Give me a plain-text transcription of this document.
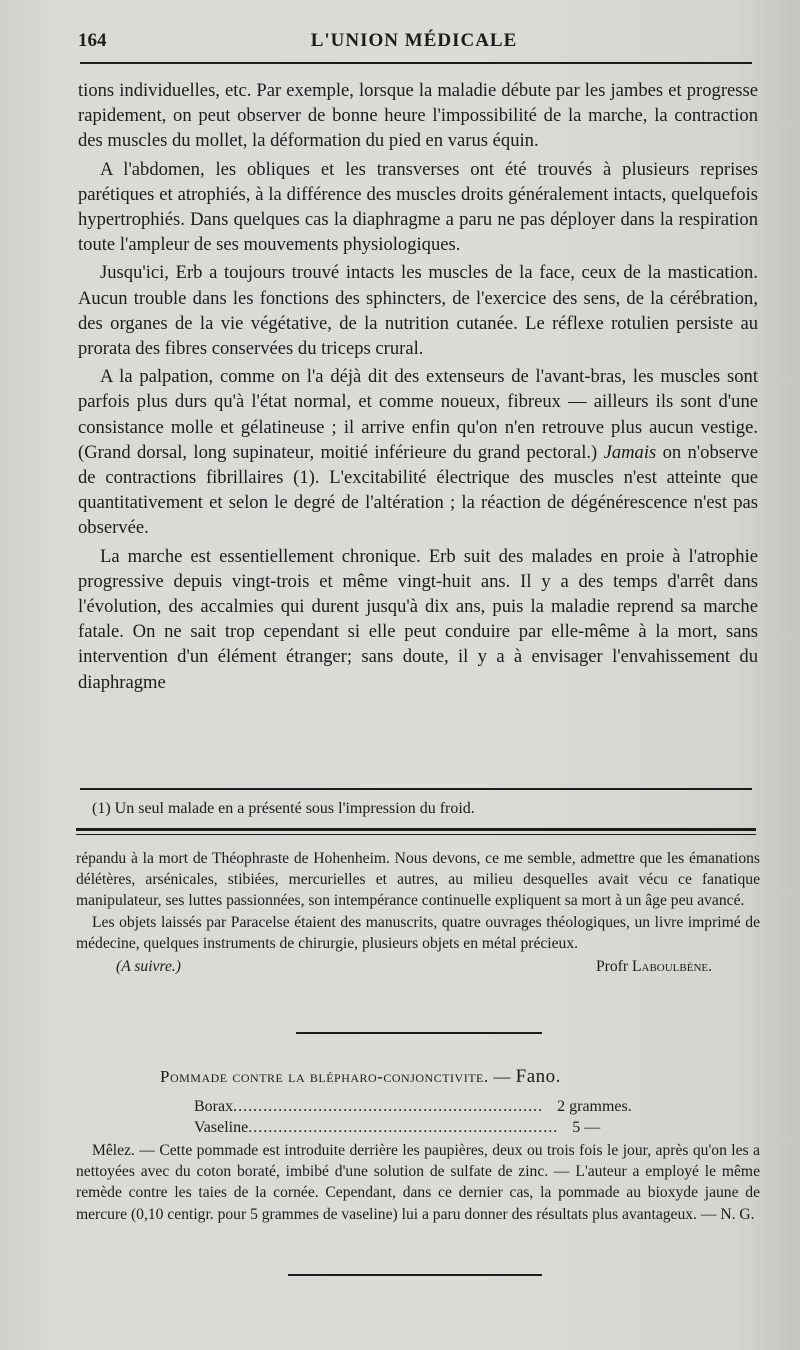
164	L'UNION MÉDICALE

tions individuelles, etc. Par exemple, lorsque la maladie débute par les jambes et progresse rapidement, on peut observer de bonne heure l'impossibilité de la marche, la contraction des muscles du mollet, la déformation du pied en varus équin.

A l'abdomen, les obliques et les transverses ont été trouvés à plusieurs reprises parétiques et atrophiés, à la différence des muscles droits généralement intacts, quelquefois hypertrophiés. Dans quelques cas la diaphragme a paru ne pas déployer dans la respiration toute l'ampleur de ses mouvements physiologiques.

Jusqu'ici, Erb a toujours trouvé intacts les muscles de la face, ceux de la mastication. Aucun trouble dans les fonctions des sphincters, de l'exercice des sens, de la cérébration, des organes de la vie végétative, de la nutrition cutanée. Le réflexe rotulien persiste au prorata des fibres conservées du triceps crural.

A la palpation, comme on l'a déjà dit des extenseurs de l'avant-bras, les muscles sont parfois plus durs qu'à l'état normal, et comme noueux, fibreux — ailleurs ils sont d'une consistance molle et gélatineuse ; il arrive enfin qu'on n'en retrouve plus aucun vestige. (Grand dorsal, long supinateur, moitié inférieure du grand pectoral.) Jamais on n'observe de contractions fibrillaires (1). L'excitabilité électrique des muscles n'est atteinte que quantitativement et selon le degré de l'altération ; la réaction de dégénérescence n'est pas observée.

La marche est essentiellement chronique. Erb suit des malades en proie à l'atrophie progressive depuis vingt-trois et même vingt-huit ans. Il y a des temps d'arrêt dans l'évolution, des accalmies qui durent jusqu'à dix ans, puis la maladie reprend sa marche fatale. On ne sait trop cependant si elle peut conduire par elle-même à la mort, sans intervention d'un élément étranger; sans doute, il y a à envisager l'envahissement du diaphragme

(1) Un seul malade en a présenté sous l'impression du froid.

répandu à la mort de Théophraste de Hohenheim. Nous devons, ce me semble, admettre que les émanations délétères, arsénicales, stibiées, mercurielles et autres, au milieu desquelles avait vécu ce fanatique manipulateur, ses luttes passionnées, son intempérance continuelle expliquent sa mort à un âge peu avancé.

Les objets laissés par Paracelse étaient des manuscrits, quatre ouvrages théologiques, un livre imprimé de médecine, quelques instruments de chirurgie, plusieurs objets en métal précieux.

(A suivre.)	Profr Laboulbène.
Pommade contre la blépharo-conjonctivite. — Fano.
Borax .............................................................. 2 grammes.
Vaseline .............................................................. 5 —

Mêlez. — Cette pommade est introduite derrière les paupières, deux ou trois fois le jour, après qu'on les a nettoyées avec du coton boraté, imbibé d'une solution de sulfate de zinc. — L'auteur a employé le même remède contre les taies de la cornée. Cependant, dans ce dernier cas, la pommade au bioxyde jaune de mercure (0,10 centigr. pour 5 grammes de vaseline) lui a paru donner des résultats plus avantageux. — N. G.
